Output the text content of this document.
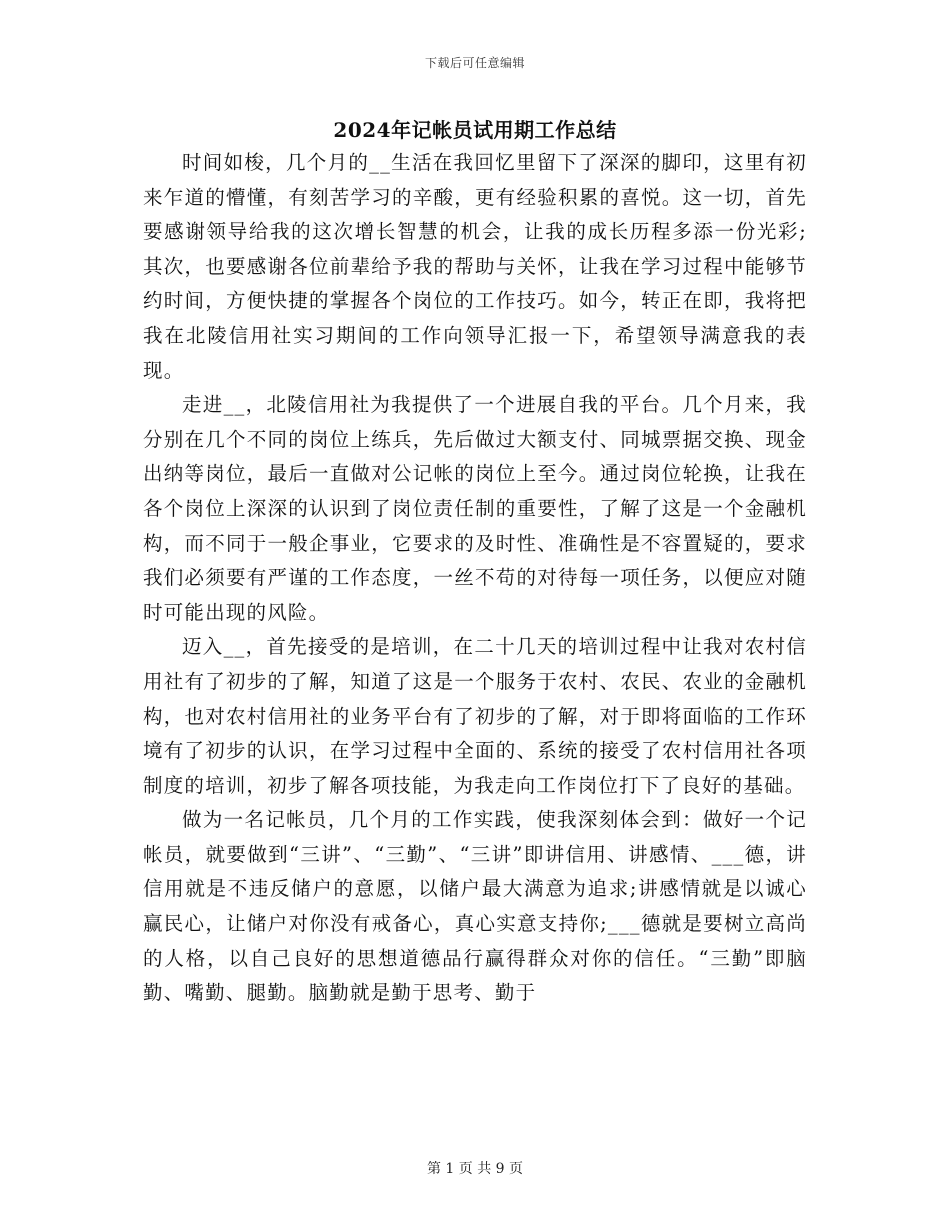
下载后可任意编辑
2024年记帐员试用期工作总结

时间如梭，几个月的__生活在我回忆里留下了深深的脚印，这里有初来乍道的懵懂，有刻苦学习的辛酸，更有经验积累的喜悦。这一切，首先要感谢领导给我的这次增长智慧的机会，让我的成长历程多添一份光彩;其次，也要感谢各位前辈给予我的帮助与关怀，让我在学习过程中能够节约时间，方便快捷的掌握各个岗位的工作技巧。如今，转正在即，我将把我在北陵信用社实习期间的工作向领导汇报一下，希望领导满意我的表现。

走进__，北陵信用社为我提供了一个进展自我的平台。几个月来，我分别在几个不同的岗位上练兵，先后做过大额支付、同城票据交换、现金出纳等岗位，最后一直做对公记帐的岗位上至今。通过岗位轮换，让我在各个岗位上深深的认识到了岗位责任制的重要性，了解了这是一个金融机构，而不同于一般企事业，它要求的及时性、准确性是不容置疑的，要求我们必须要有严谨的工作态度，一丝不苟的对待每一项任务，以便应对随时可能出现的风险。

迈入__，首先接受的是培训，在二十几天的培训过程中让我对农村信用社有了初步的了解，知道了这是一个服务于农村、农民、农业的金融机构，也对农村信用社的业务平台有了初步的了解，对于即将面临的工作环境有了初步的认识，在学习过程中全面的、系统的接受了农村信用社各项制度的培训，初步了解各项技能，为我走向工作岗位打下了良好的基础。

做为一名记帐员，几个月的工作实践，使我深刻体会到：做好一个记帐员，就要做到“三讲”、“三勤”、“三讲”即讲信用、讲感情、___德，讲信用就是不违反储户的意愿，以储户最大满意为追求;讲感情就是以诚心赢民心，让储户对你没有戒备心，真心实意支持你;___德就是要树立高尚的人格，以自己良好的思想道德品行赢得群众对你的信任。“三勤”即脑勤、嘴勤、腿勤。脑勤就是勤于思考、勤于

第 1 页 共 9 页
